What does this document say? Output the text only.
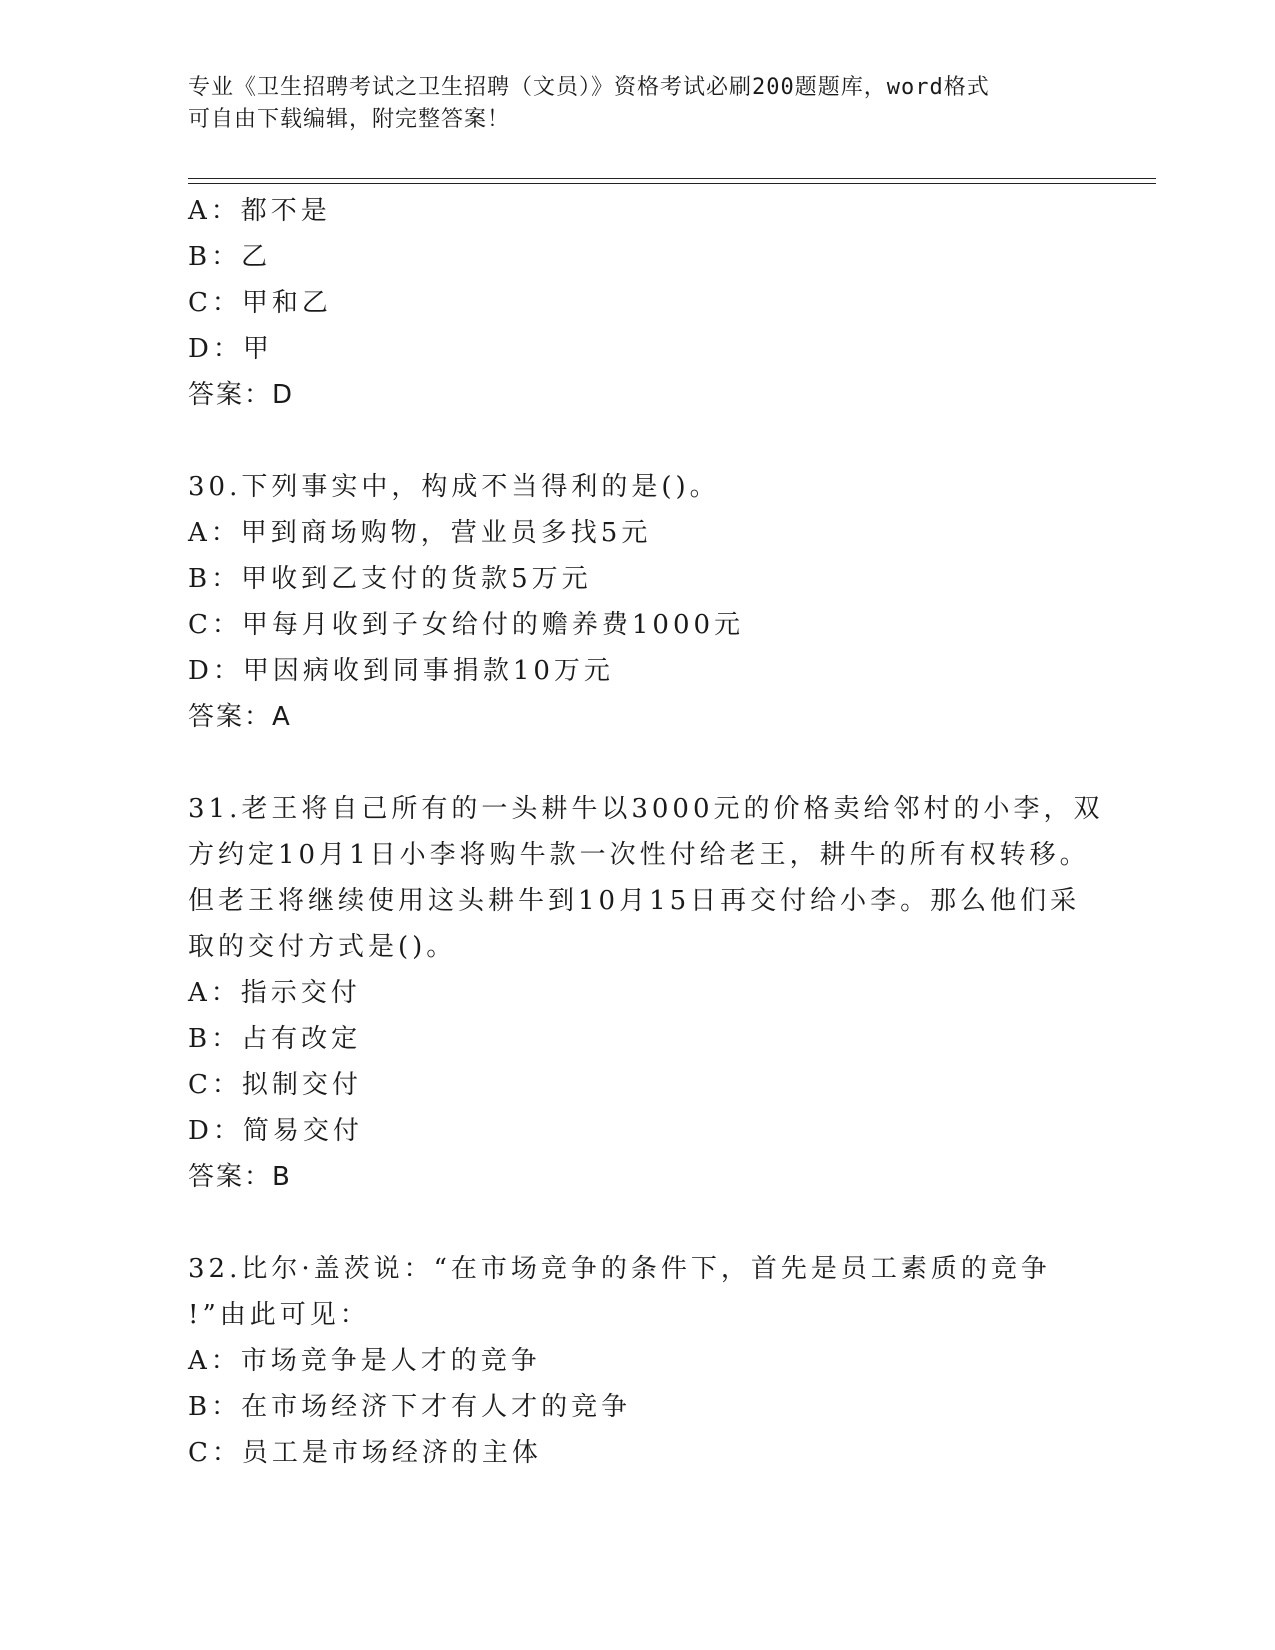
专业《卫生招聘考试之卫生招聘（文员）》资格考试必刷200题题库，word格式
可自由下载编辑，附完整答案！
A：都不是
B：乙
C：甲和乙
D：甲
答案：D
30.下列事实中，构成不当得利的是()。
A：甲到商场购物，营业员多找5元
B：甲收到乙支付的货款5万元
C：甲每月收到子女给付的赡养费1000元
D：甲因病收到同事捐款10万元
答案：A
31.老王将自己所有的一头耕牛以3000元的价格卖给邻村的小李，双
方约定10月1日小李将购牛款一次性付给老王，耕牛的所有权转移。
但老王将继续使用这头耕牛到10月15日再交付给小李。那么他们采
取的交付方式是()。
A：指示交付
B：占有改定
C：拟制交付
D：简易交付
答案：B
32.比尔·盖茨说：“在市场竞争的条件下，首先是员工素质的竞争
!”由此可见：
A：市场竞争是人才的竞争
B：在市场经济下才有人才的竞争
C：员工是市场经济的主体
